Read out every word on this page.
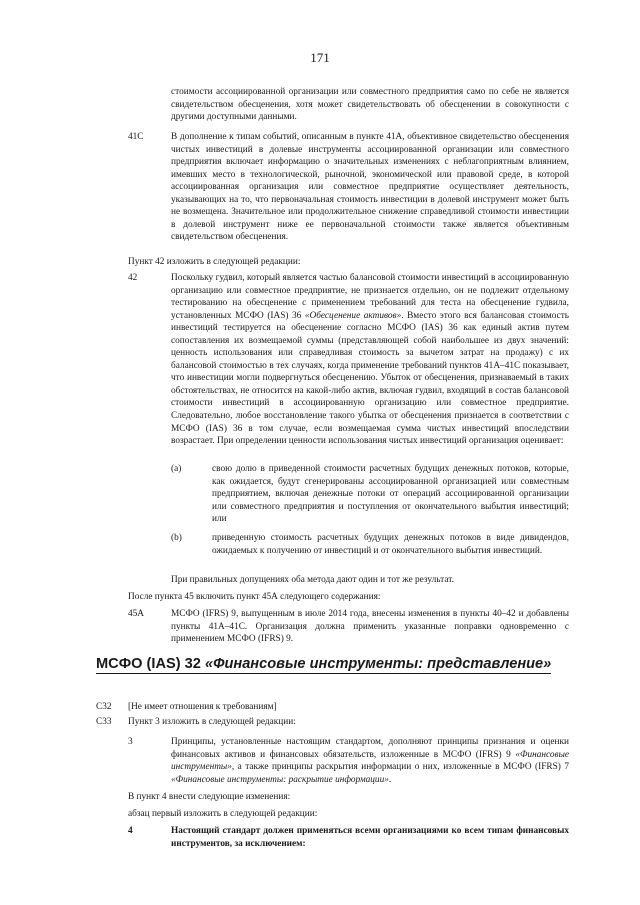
171
стоимости ассоциированной организации или совместного предприятия само по себе не является свидетельством обесценения, хотя может свидетельствовать об обесценении в совокупности с другими доступными данными.
41C	В дополнение к типам событий, описанным в пункте 41А, объективное свидетельство обесценения чистых инвестиций в долевые инструменты ассоциированной организации или совместного предприятия включает информацию о значительных изменениях с неблагоприятным влиянием, имевших место в технологической, рыночной, экономической или правовой среде, в которой ассоциированная организация или совместное предприятие осуществляет деятельность, указывающих на то, что первоначальная стоимость инвестиции в долевой инструмент может быть не возмещена. Значительное или продолжительное снижение справедливой стоимости инвестиции в долевой инструмент ниже ее первоначальной стоимости также является объективным свидетельством обесценения.
Пункт 42 изложить в следующей редакции:
42	Поскольку гудвил, который является частью балансовой стоимости инвестиций в ассоциированную организацию или совместное предприятие, не признается отдельно, он не подлежит отдельному тестированию на обесценение с применением требований для теста на обесценение гудвила, установленных МСФО (IAS) 36 «Обесценение активов». Вместо этого вся балансовая стоимость инвестиций тестируется на обесценение согласно МСФО (IAS) 36 как единый актив путем сопоставления их возмещаемой суммы (представляющей собой наибольшее из двух значений: ценность использования или справедливая стоимость за вычетом затрат на продажу) с их балансовой стоимостью в тех случаях, когда применение требований пунктов 41А–41С показывает, что инвестиции могли подвергнуться обесценению. Убыток от обесценения, признаваемый в таких обстоятельствах, не относится на какой-либо актив, включая гудвил, входящий в состав балансовой стоимости инвестиций в ассоциированную организацию или совместное предприятие. Следовательно, любое восстановление такого убытка от обесценения признается в соответствии с МСФО (IAS) 36 в том случае, если возмещаемая сумма чистых инвестиций впоследствии возрастает. При определении ценности использования чистых инвестиций организация оценивает:
(a)	свою долю в приведенной стоимости расчетных будущих денежных потоков, которые, как ожидается, будут сгенерированы ассоциированной организацией или совместным предприятием, включая денежные потоки от операций ассоциированной организации или совместного предприятия и поступления от окончательного выбытия инвестиций; или
(b)	приведенную стоимость расчетных будущих денежных потоков в виде дивидендов, ожидаемых к получению от инвестиций и от окончательного выбытия инвестиций.
При правильных допущениях оба метода дают один и тот же результат.
После пункта 45 включить пункт 45А следующего содержания:
45A	МСФО (IFRS) 9, выпущенным в июле 2014 года, внесены изменения в пункты 40–42 и добавлены пункты 41А–41С. Организация должна применить указанные поправки одновременно с применением МСФО (IFRS) 9.
МСФО (IAS) 32 «Финансовые инструменты: представление»
C32 [Не имеет отношения к требованиям]
C33 Пункт 3 изложить в следующей редакции:
3	Принципы, установленные настоящим стандартом, дополняют принципы признания и оценки финансовых активов и финансовых обязательств, изложенные в МСФО (IFRS) 9 «Финансовые инструменты», а также принципы раскрытия информации о них, изложенные в МСФО (IFRS) 7 «Финансовые инструменты: раскрытие информации».
В пункт 4 внести следующие изменения:
абзац первый изложить в следующей редакции:
4	Настоящий стандарт должен применяться всеми организациями ко всем типам финансовых инструментов, за исключением:
